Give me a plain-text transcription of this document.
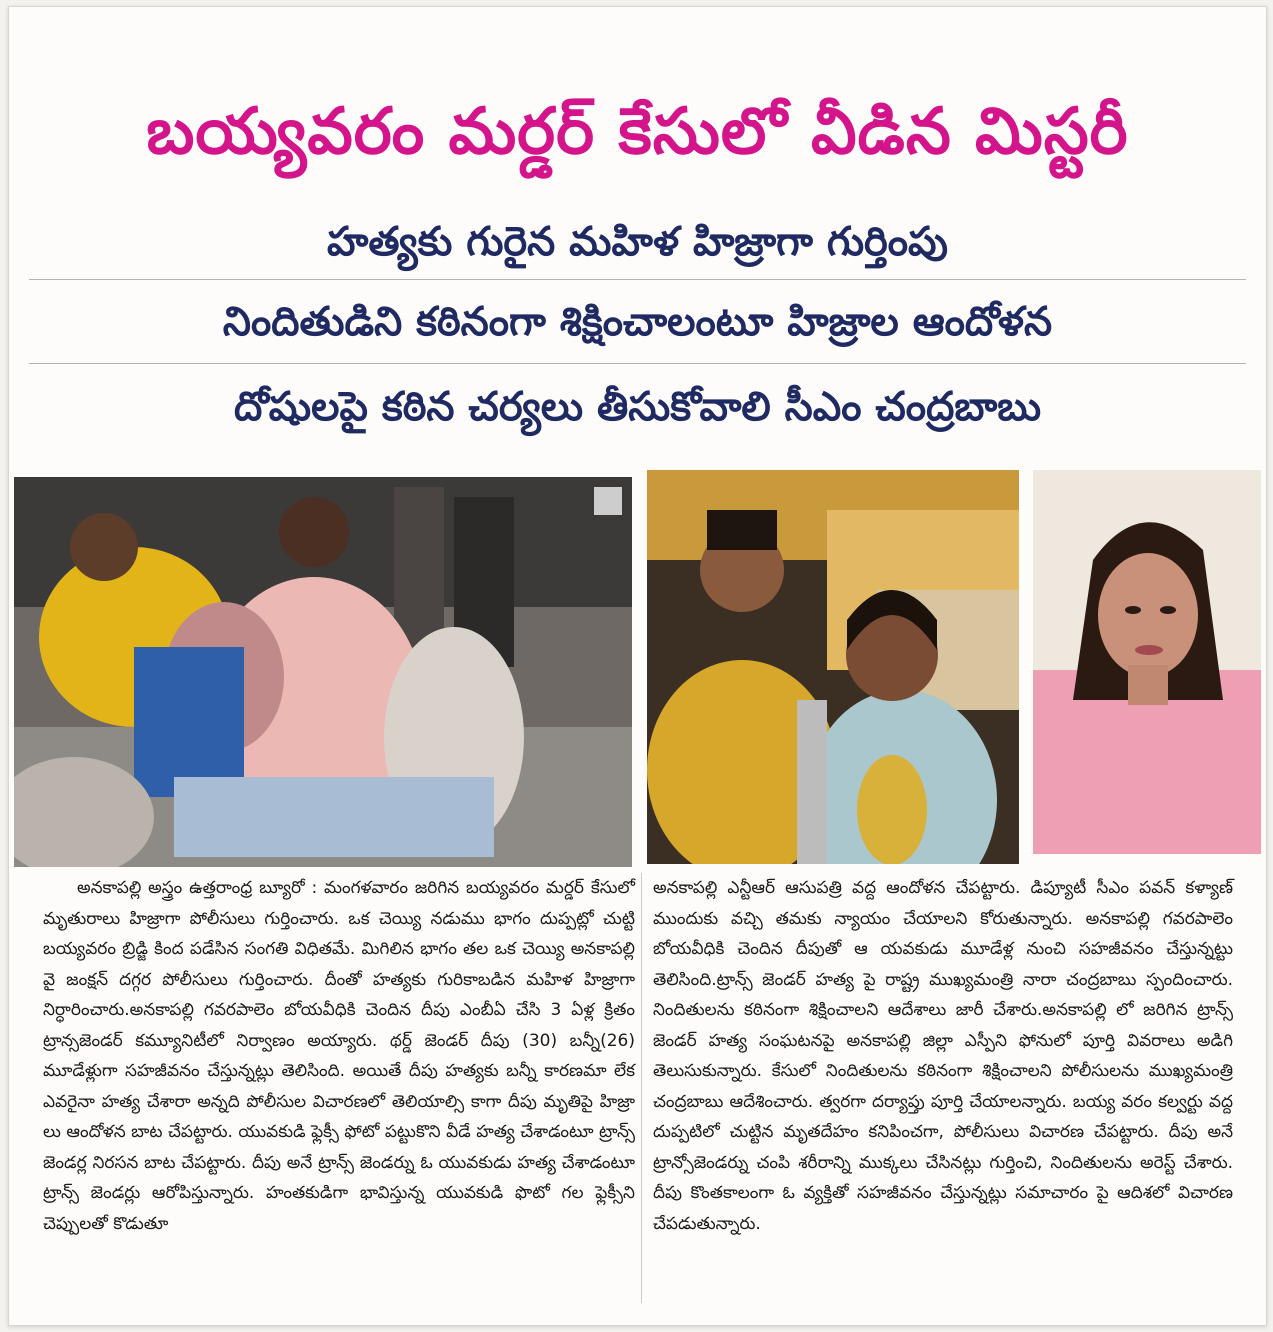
బయ్యవరం మర్డర్ కేసులో వీడిన మిస్టరీ
హత్యకు గురైన మహిళ హిజ్రాగా గుర్తింపు
నిందితుడిని కఠినంగా శిక్షించాలంటూ హిజ్రాల ఆందోళన
దోషులపై కఠిన చర్యలు తీసుకోవాలి సీఎం చంద్రబాబు

అనకాపల్లి అస్త్రం ఉత్తరాంధ్ర బ్యూరో : మంగళవారం జరిగిన బయ్యవరం మర్డర్ కేసులో మృతురాలు హిజ్రాగా పోలీసులు గుర్తించారు. ఒక చెయ్యి నడుము భాగం దుప్పట్లో చుట్టి బయ్యవరం బ్రిడ్జి కింద పడేసిన సంగతి విధితమే. మిగిలిన భాగం తల ఒక చెయ్యి అనకాపల్లి వై జంక్షన్ దగ్గర పోలీసులు గుర్తించారు. దీంతో హత్యకు గురికాబడిన మహిళ హిజ్రాగా నిర్ధారించారు.అనకాపల్లి గవరపాలెం బోయవీధికి చెందిన దీపు ఎంబీఏ చేసి 3 ఏళ్ల క్రితం ట్రాన్సజెండర్ కమ్యూనిటీలో నిర్వాణం అయ్యారు. థర్డ్ జెండర్ దీపు (30) బన్నీ(26) మూడేళ్లుగా సహజీవనం చేస్తున్నట్లు తెలిసింది. అయితే దీపు హత్యకు బన్నీ కారణమా లేక ఎవరైనా హత్య చేశారా అన్నది పోలీసుల విచారణలో తెలియాల్సి కాగా దీపు మృతిపై హిజ్రా లు ఆందోళన బాట చేపట్టారు. యువకుడి ఫ్లెక్సీ ఫోటో పట్టుకొని వీడే హత్య చేశాడంటూ ట్రాన్స్ జెండర్ల నిరసన బాట చేపట్టారు. దీపు అనే ట్రాన్స్ జెండర్ను ఓ యువకుడు హత్య చేశాడంటూ ట్రాన్స్ జెండర్లు ఆరోపిస్తున్నారు. హంతకుడిగా భావిస్తున్న యువకుడి ఫొటో గల ఫ్లెక్సీని చెప్పులతో కొడుతూ

అనకాపల్లి ఎన్టీఆర్ ఆసుపత్రి వద్ద ఆందోళన చేపట్టారు. డిప్యూటీ సీఎం పవన్ కళ్యాణ్ ముందుకు వచ్చి తమకు న్యాయం చేయాలని కోరుతున్నారు. అనకాపల్లి గవరపాలెం బోయవీధికి చెందిన దీపుతో ఆ యవకుడు మూడేళ్ల నుంచి సహజీవనం చేస్తున్నట్టు తెలిసింది.ట్రాన్స్ జెండర్ హత్య పై రాష్ట్ర ముఖ్యమంత్రి నారా చంద్రబాబు స్పందించారు. నిందితులను కఠినంగా శిక్షించాలని ఆదేశాలు జారీ చేశారు.అనకాపల్లి లో జరిగిన ట్రాన్స్ జెండర్ హత్య సంఘటనపై అనకాపల్లి జిల్లా ఎస్పీని ఫోనులో పూర్తి వివరాలు అడిగి తెలుసుకున్నారు. కేసులో నిందితులను కఠినంగా శిక్షించాలని పోలీసులను ముఖ్యమంత్రి చంద్రబాబు ఆదేశించారు. త్వరగా దర్యాప్తు పూర్తి చేయాలన్నారు. బయ్య వరం కల్వర్టు వద్ద దుప్పటిలో చుట్టిన మృతదేహం కనిపించగా, పోలీసులు విచారణ చేపట్టారు. దీపు అనే ట్రాన్సోజెండర్ను చంపి శరీరాన్ని ముక్కలు చేసినట్లు గుర్తించి, నిందితులను అరెస్ట్ చేశారు. దీపు కొంతకాలంగా ఓ వ్యక్తితో సహజీవనం చేస్తున్నట్లు సమాచారం పై ఆదిశలో విచారణ చేపడుతున్నారు.
